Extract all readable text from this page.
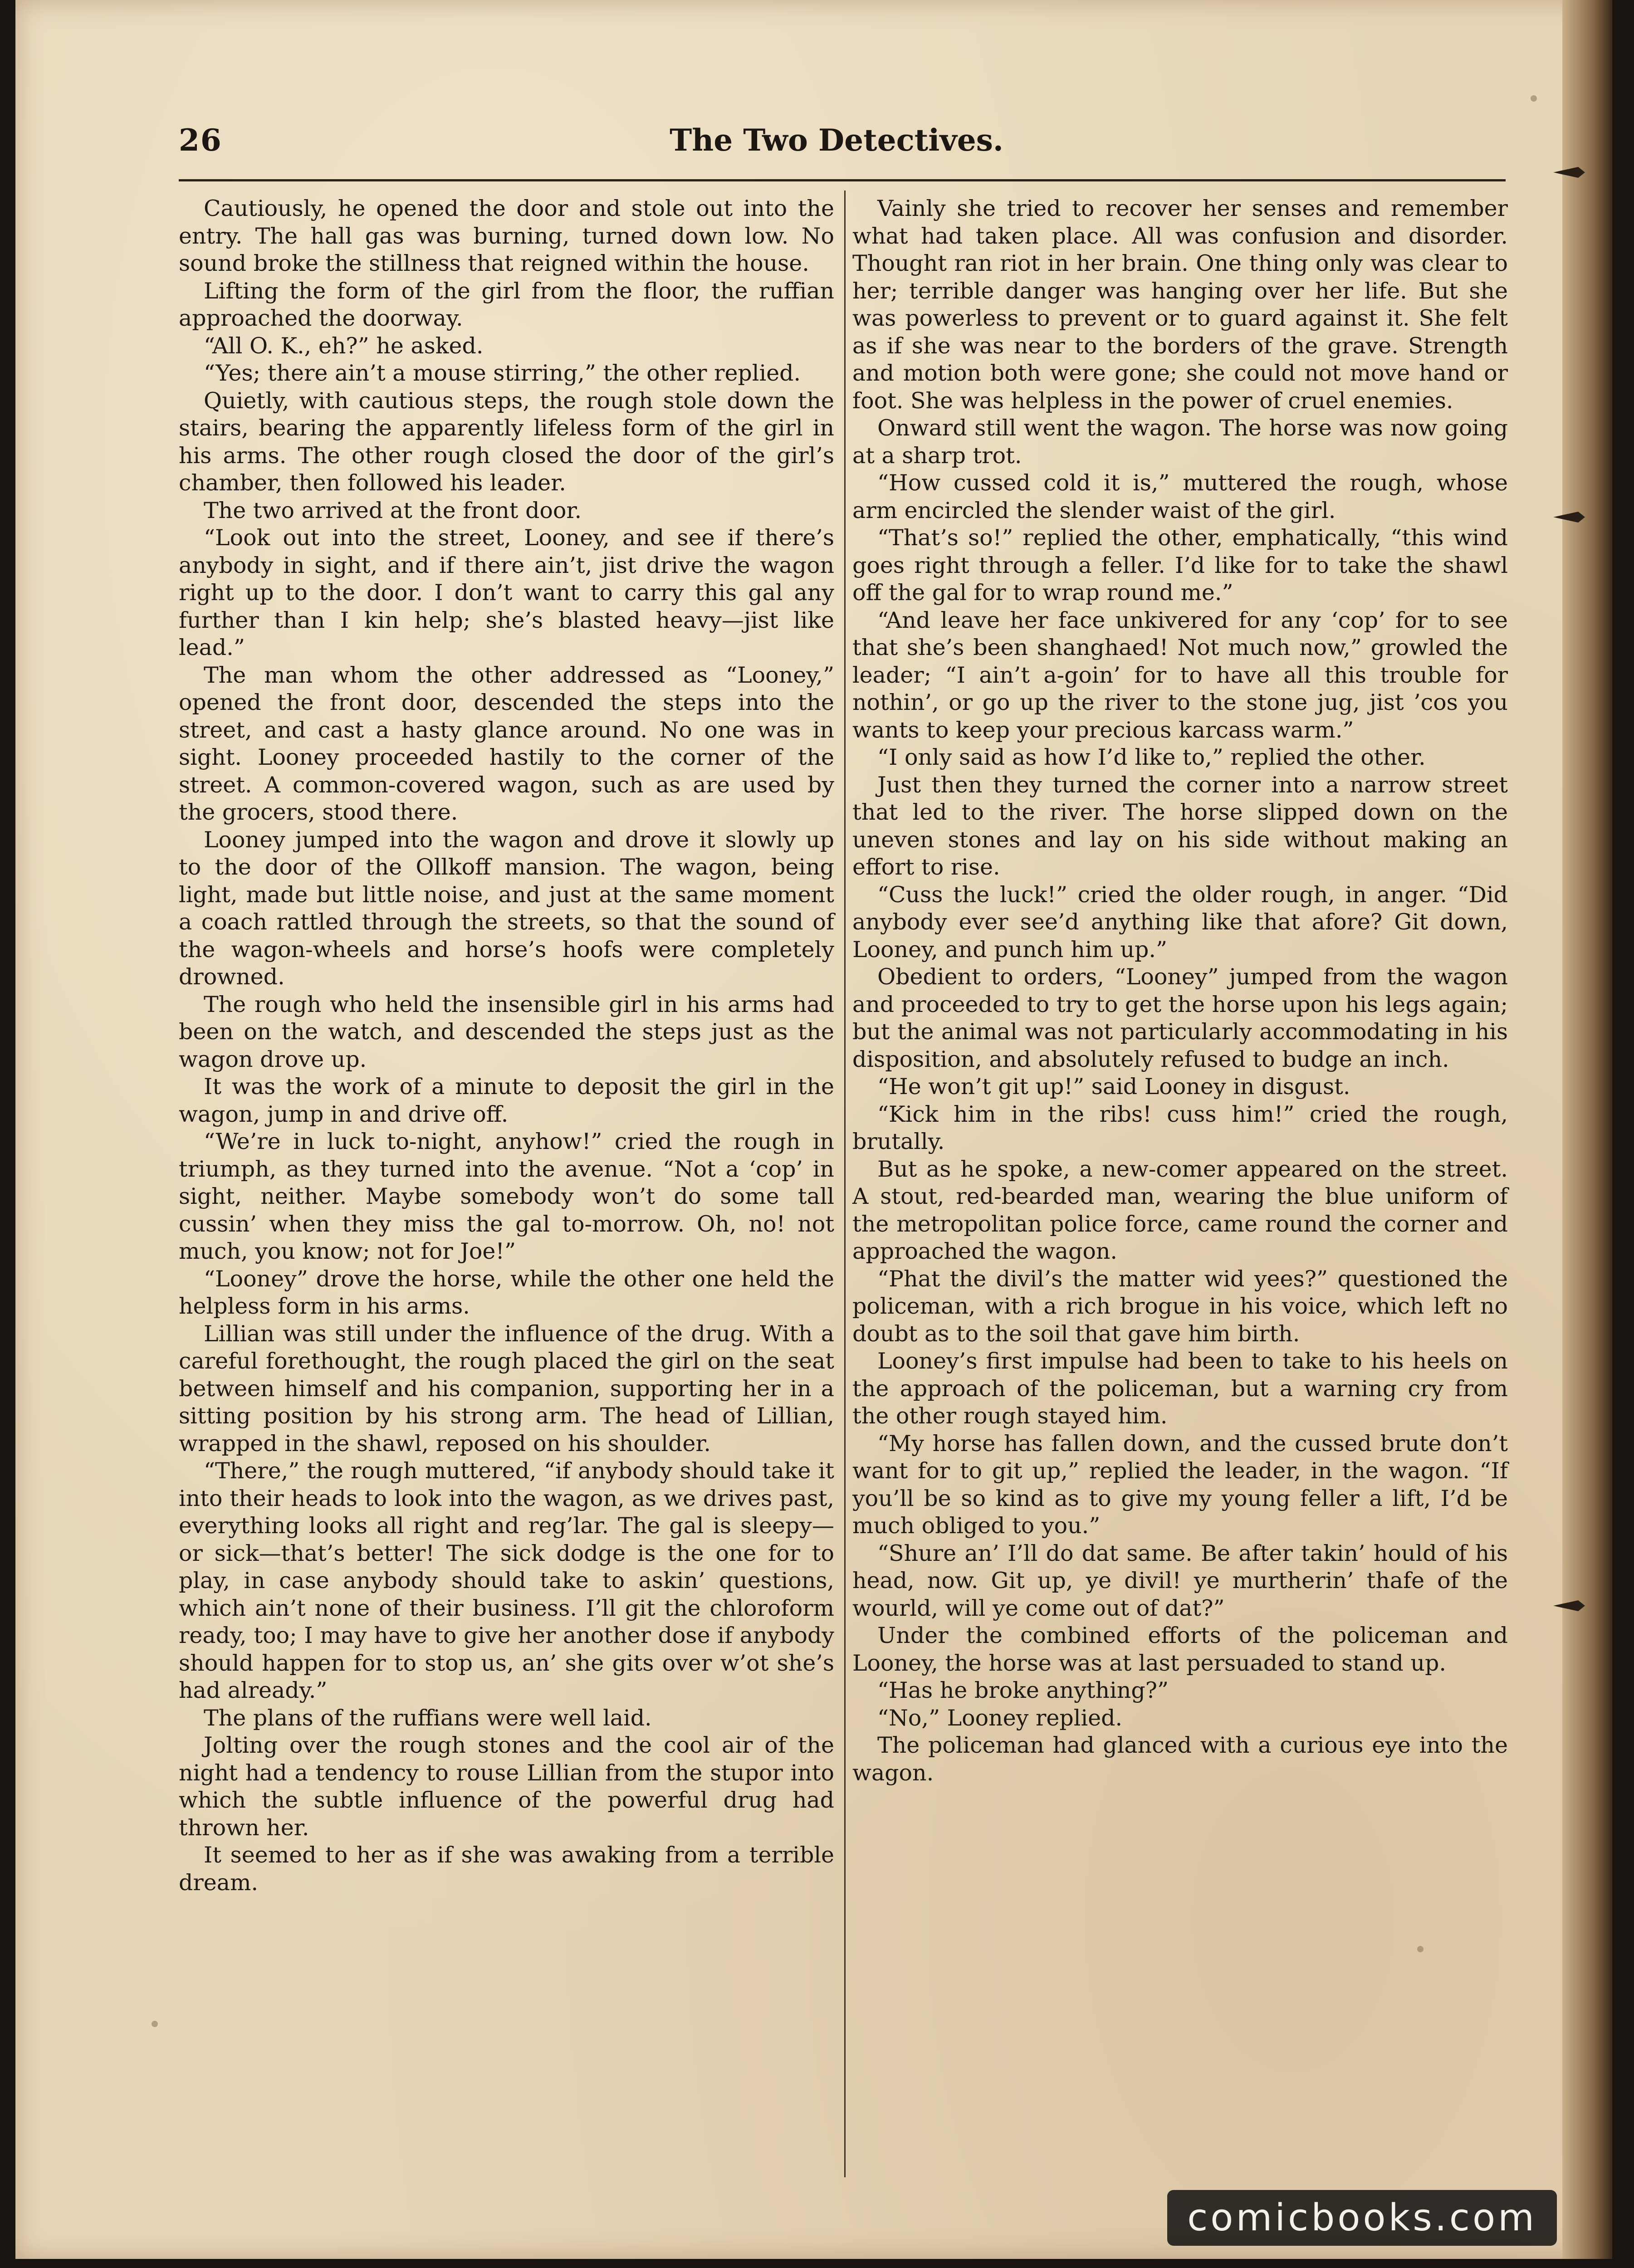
26	The Two Detectives.

Cautiously, he opened the door and stole out into the entry. The hall gas was burning, turned down low. No sound broke the stillness that reigned within the house.

Lifting the form of the girl from the floor, the ruffian approached the doorway.

“All O. K., eh?” he asked.

“Yes; there ain’t a mouse stirring,” the other replied.

Quietly, with cautious steps, the rough stole down the stairs, bearing the apparently lifeless form of the girl in his arms. The other rough closed the door of the girl’s chamber, then followed his leader.

The two arrived at the front door.

“Look out into the street, Looney, and see if there’s anybody in sight, and if there ain’t, jist drive the wagon right up to the door. I don’t want to carry this gal any further than I kin help; she’s blasted heavy—jist like lead.”

The man whom the other addressed as “Looney,” opened the front door, descended the steps into the street, and cast a hasty glance around. No one was in sight. Looney proceeded hastily to the corner of the street. A common-covered wagon, such as are used by the grocers, stood there.

Looney jumped into the wagon and drove it slowly up to the door of the Ollkoff mansion. The wagon, being light, made but little noise, and just at the same moment a coach rattled through the streets, so that the sound of the wagon-wheels and horse’s hoofs were completely drowned.

The rough who held the insensible girl in his arms had been on the watch, and descended the steps just as the wagon drove up.

It was the work of a minute to deposit the girl in the wagon, jump in and drive off.

“We’re in luck to-night, anyhow!” cried the rough in triumph, as they turned into the avenue. “Not a ‘cop’ in sight, neither. Maybe somebody won’t do some tall cussin’ when they miss the gal to-morrow. Oh, no! not much, you know; not for Joe!”

“Looney” drove the horse, while the other one held the helpless form in his arms.

Lillian was still under the influence of the drug. With a careful forethought, the rough placed the girl on the seat between himself and his companion, supporting her in a sitting position by his strong arm. The head of Lillian, wrapped in the shawl, reposed on his shoulder.

“There,” the rough muttered, “if anybody should take it into their heads to look into the wagon, as we drives past, everything looks all right and reg’lar. The gal is sleepy—or sick—that’s better! The sick dodge is the one for to play, in case anybody should take to askin’ questions, which ain’t none of their business. I’ll git the chloroform ready, too; I may have to give her another dose if anybody should happen for to stop us, an’ she gits over w’ot she’s had already.”

The plans of the ruffians were well laid.

Jolting over the rough stones and the cool air of the night had a tendency to rouse Lillian from the stupor into which the subtle influence of the powerful drug had thrown her.

It seemed to her as if she was awaking from a terrible dream.

Vainly she tried to recover her senses and remember what had taken place. All was confusion and disorder. Thought ran riot in her brain. One thing only was clear to her; terrible danger was hanging over her life. But she was powerless to prevent or to guard against it. She felt as if she was near to the borders of the grave. Strength and motion both were gone; she could not move hand or foot. She was helpless in the power of cruel enemies.

Onward still went the wagon. The horse was now going at a sharp trot.

“How cussed cold it is,” muttered the rough, whose arm encircled the slender waist of the girl.

“That’s so!” replied the other, emphatically, “this wind goes right through a feller. I’d like for to take the shawl off the gal for to wrap round me.”

“And leave her face unkivered for any ‘cop’ for to see that she’s been shanghaed! Not much now,” growled the leader; “I ain’t a-goin’ for to have all this trouble for nothin’, or go up the river to the stone jug, jist ’cos you wants to keep your precious karcass warm.”

“I only said as how I’d like to,” replied the other.

Just then they turned the corner into a narrow street that led to the river. The horse slipped down on the uneven stones and lay on his side without making an effort to rise.

“Cuss the luck!” cried the older rough, in anger. “Did anybody ever see’d anything like that afore? Git down, Looney, and punch him up.”

Obedient to orders, “Looney” jumped from the wagon and proceeded to try to get the horse upon his legs again; but the animal was not particularly accommodating in his disposition, and absolutely refused to budge an inch.

“He won’t git up!” said Looney in disgust.

“Kick him in the ribs! cuss him!” cried the rough, brutally.

But as he spoke, a new-comer appeared on the street. A stout, red-bearded man, wearing the blue uniform of the metropolitan police force, came round the corner and approached the wagon.

“Phat the divil’s the matter wid yees?” questioned the policeman, with a rich brogue in his voice, which left no doubt as to the soil that gave him birth.

Looney’s first impulse had been to take to his heels on the approach of the policeman, but a warning cry from the other rough stayed him.

“My horse has fallen down, and the cussed brute don’t want for to git up,” replied the leader, in the wagon. “If you’ll be so kind as to give my young feller a lift, I’d be much obliged to you.”

“Shure an’ I’ll do dat same. Be after takin’ hould of his head, now. Git up, ye divil! ye murtherin’ thafe of the wourld, will ye come out of dat?”

Under the combined efforts of the policeman and Looney, the horse was at last persuaded to stand up.

“Has he broke anything?”

“No,” Looney replied.

The policeman had glanced with a curious eye into the wagon.

comicbooks.com
